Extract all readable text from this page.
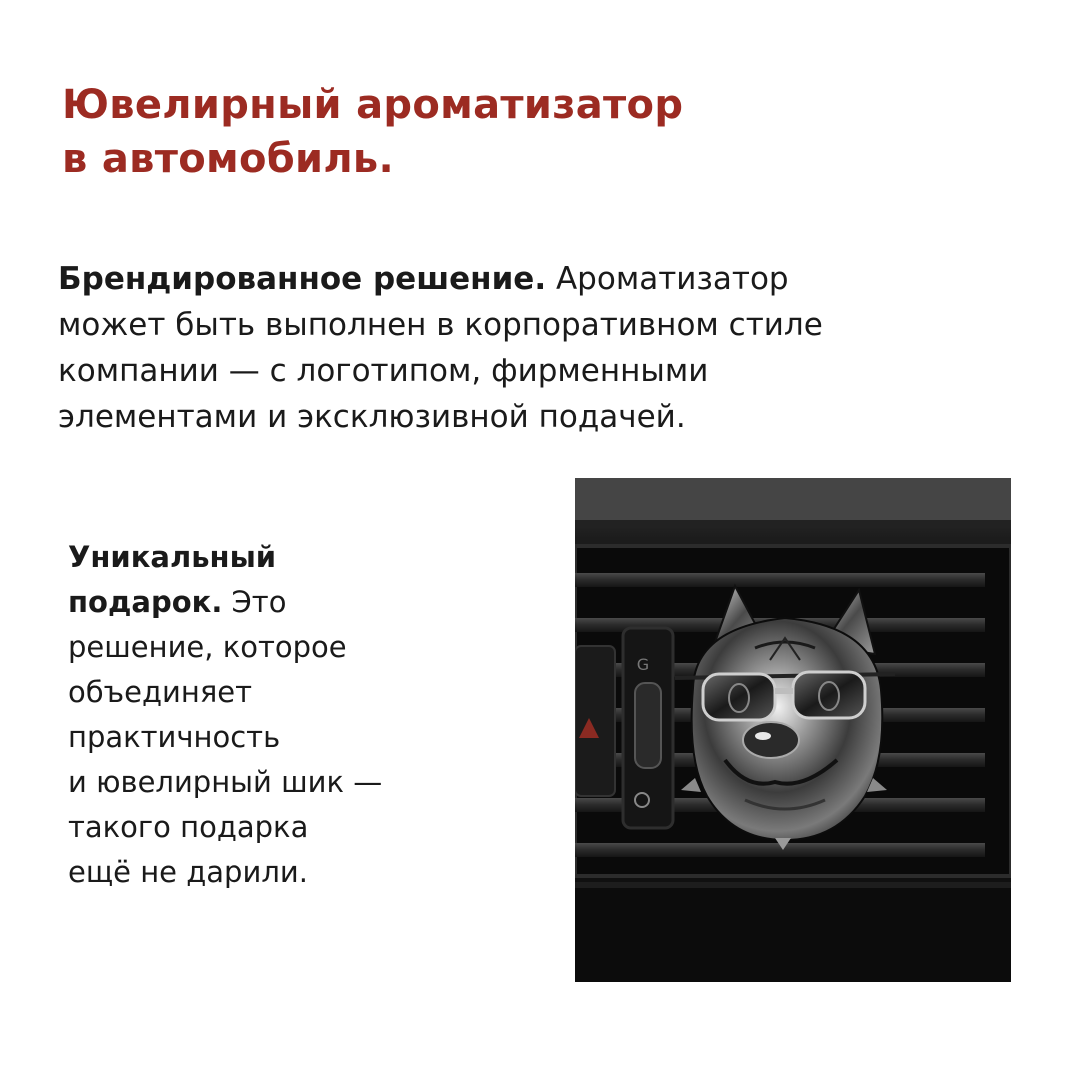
Ювелирный ароматизатор
в автомобиль.

Брендированное решение. Ароматизатор
может быть выполнен в корпоративном стиле
компании — с логотипом, фирменными
элементами и эксклюзивной подачей.

Уникальный
подарок. Это
решение, которое
объединяет
практичность
и ювелирный шик —
такого подарка
ещё не дарили.

G
